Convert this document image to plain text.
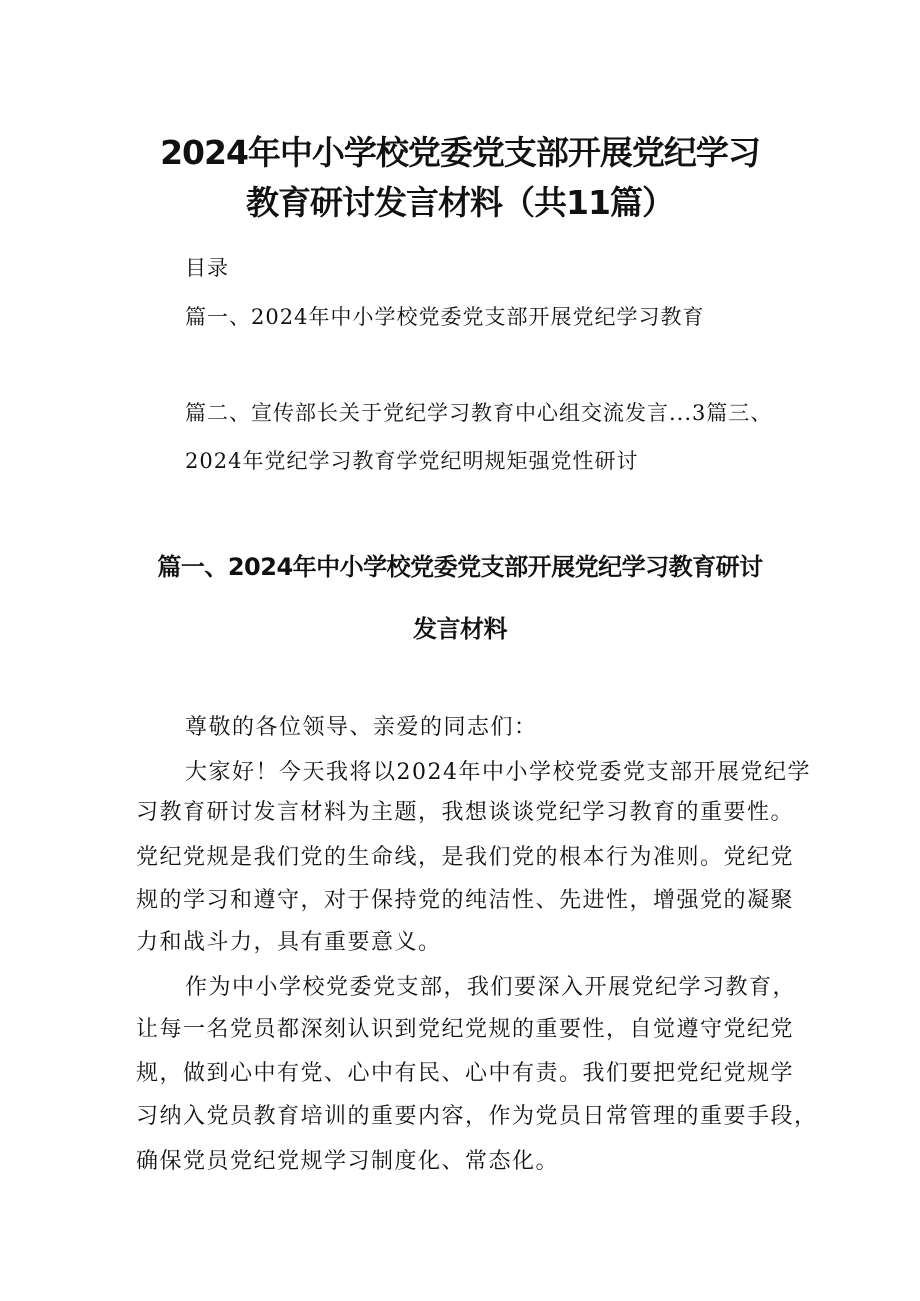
2024年中小学校党委党支部开展党纪学习
教育研讨发言材料（共11篇）
目录
篇一、2024年中小学校党委党支部开展党纪学习教育
篇二、宣传部长关于党纪学习教育中心组交流发言...3篇三、
2024年党纪学习教育学党纪明规矩强党性研讨
篇一、2024年中小学校党委党支部开展党纪学习教育研讨
发言材料
尊敬的各位领导、亲爱的同志们：
大家好！今天我将以2024年中小学校党委党支部开展党纪学
习教育研讨发言材料为主题，我想谈谈党纪学习教育的重要性。
党纪党规是我们党的生命线，是我们党的根本行为准则。党纪党
规的学习和遵守，对于保持党的纯洁性、先进性，增强党的凝聚
力和战斗力，具有重要意义。
作为中小学校党委党支部，我们要深入开展党纪学习教育，
让每一名党员都深刻认识到党纪党规的重要性，自觉遵守党纪党
规，做到心中有党、心中有民、心中有责。我们要把党纪党规学
习纳入党员教育培训的重要内容，作为党员日常管理的重要手段，
确保党员党纪党规学习制度化、常态化。
